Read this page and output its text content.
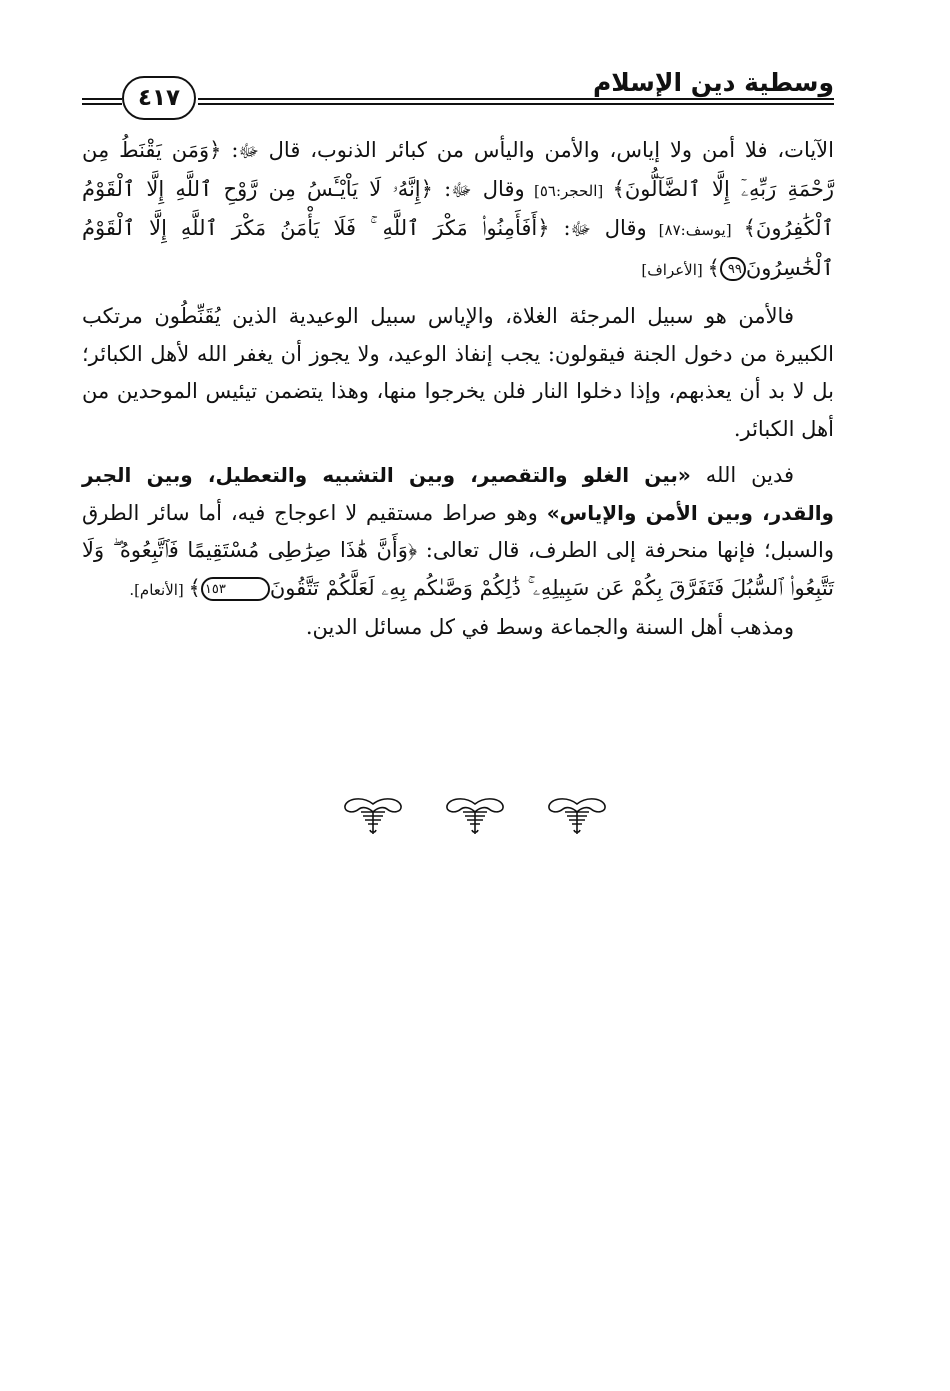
٤١٧
وسطية دين الإسلام

الآيات، فلا أمن ولا إياس، والأمن واليأس من كبائر الذنوب، قال ﷻ: ﴿وَمَن يَقْنَطُ مِن رَّحْمَةِ رَبِّهِۦٓ إِلَّا ٱلضَّآلُّونَ﴾ [الحجر:٥٦] وقال ﷻ: ﴿إِنَّهُۥ لَا يَاْيْـَٔسُ مِن رَّوْحِ ٱللَّهِ إِلَّا ٱلْقَوْمُ ٱلْكَٰفِرُونَ﴾ [يوسف:٨٧] وقال ﷻ: ﴿أَفَأَمِنُوا۟ مَكْرَ ٱللَّهِ ۚ فَلَا يَأْمَنُ مَكْرَ ٱللَّهِ إِلَّا ٱلْقَوْمُ ٱلْخَٰسِرُونَ٩٩﴾ [الأعراف]

فالأمن هو سبيل المرجئة الغلاة، والإياس سبيل الوعيدية الذين يُقَنِّطُون مرتكب الكبيرة من دخول الجنة فيقولون: يجب إنفاذ الوعيد، ولا يجوز أن يغفر الله لأهل الكبائر؛ بل لا بد أن يعذبهم، وإذا دخلوا النار فلن يخرجوا منها، وهذا يتضمن تيئيس الموحدين من أهل الكبائر.

فدين الله «بين الغلو والتقصير، وبين التشبيه والتعطيل، وبين الجبر والقدر، وبين الأمن والإياس» وهو صراط مستقيم لا اعوجاج فيه، أما سائر الطرق والسبل؛ فإنها منحرفة إلى الطرف، قال تعالى: ﴿وَأَنَّ هَٰذَا صِرَٰطِى مُسْتَقِيمًا فَٱتَّبِعُوهُ ۖ وَلَا تَتَّبِعُوا۟ ٱلسُّبُلَ فَتَفَرَّقَ بِكُمْ عَن سَبِيلِهِۦ ۚ ذَٰلِكُمْ وَصَّىٰكُم بِهِۦ لَعَلَّكُمْ تَتَّقُونَ١٥٣﴾ [الأنعام].

ومذهب أهل السنة والجماعة وسط في كل مسائل الدين.
